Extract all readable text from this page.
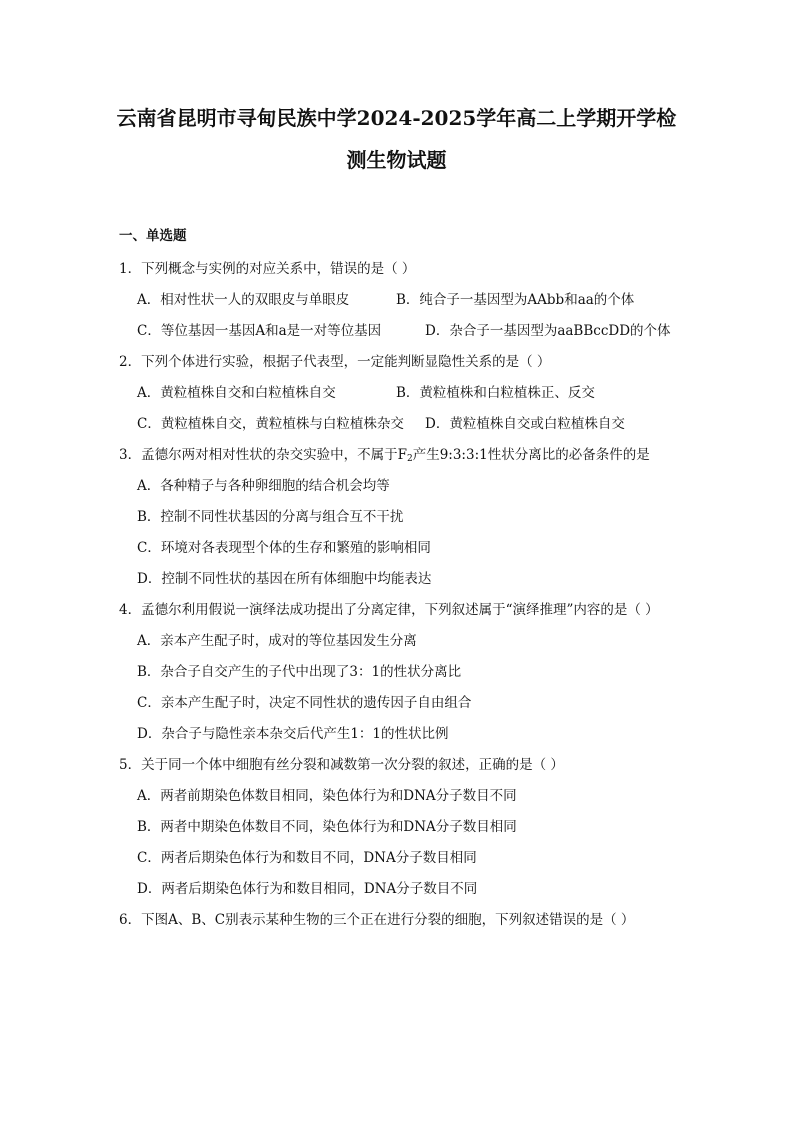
云南省昆明市寻甸民族中学2024-2025学年高二上学期开学检
测生物试题
一、单选题
1．下列概念与实例的对应关系中，错误的是（ ）
A．相对性状一人的双眼皮与单眼皮	B．纯合子一基因型为AAbb和aa的个体
C．等位基因一基因A和a是一对等位基因	D．杂合子一基因型为aaBBccDD的个体
2．下列个体进行实验，根据子代表型，一定能判断显隐性关系的是（ ）
A．黄粒植株自交和白粒植株自交	B．黄粒植株和白粒植株正、反交
C．黄粒植株自交，黄粒植株与白粒植株杂交 D．黄粒植株自交或白粒植株自交
3．孟德尔两对相对性状的杂交实验中，不属于$F_2$产生9:3:3:1性状分离比的必备条件的是
A．各种精子与各种卵细胞的结合机会均等
B．控制不同性状基因的分离与组合互不干扰
C．环境对各表现型个体的生存和繁殖的影响相同
D．控制不同性状的基因在所有体细胞中均能表达
4．孟德尔利用假说一演绎法成功提出了分离定律，下列叙述属于“演绎推理”内容的是（ ）
A．亲本产生配子时，成对的等位基因发生分离
B．杂合子自交产生的子代中出现了3：1的性状分离比
C．亲本产生配子时，决定不同性状的遗传因子自由组合
D．杂合子与隐性亲本杂交后代产生1：1的性状比例
5．关于同一个体中细胞有丝分裂和减数第一次分裂的叙述，正确的是（ ）
A．两者前期染色体数目相同，染色体行为和DNA分子数目不同
B．两者中期染色体数目不同，染色体行为和DNA分子数目相同
C．两者后期染色体行为和数目不同，DNA分子数目相同
D．两者后期染色体行为和数目相同，DNA分子数目不同
6．下图A、B、C别表示某种生物的三个正在进行分裂的细胞，下列叙述错误的是（ ）
